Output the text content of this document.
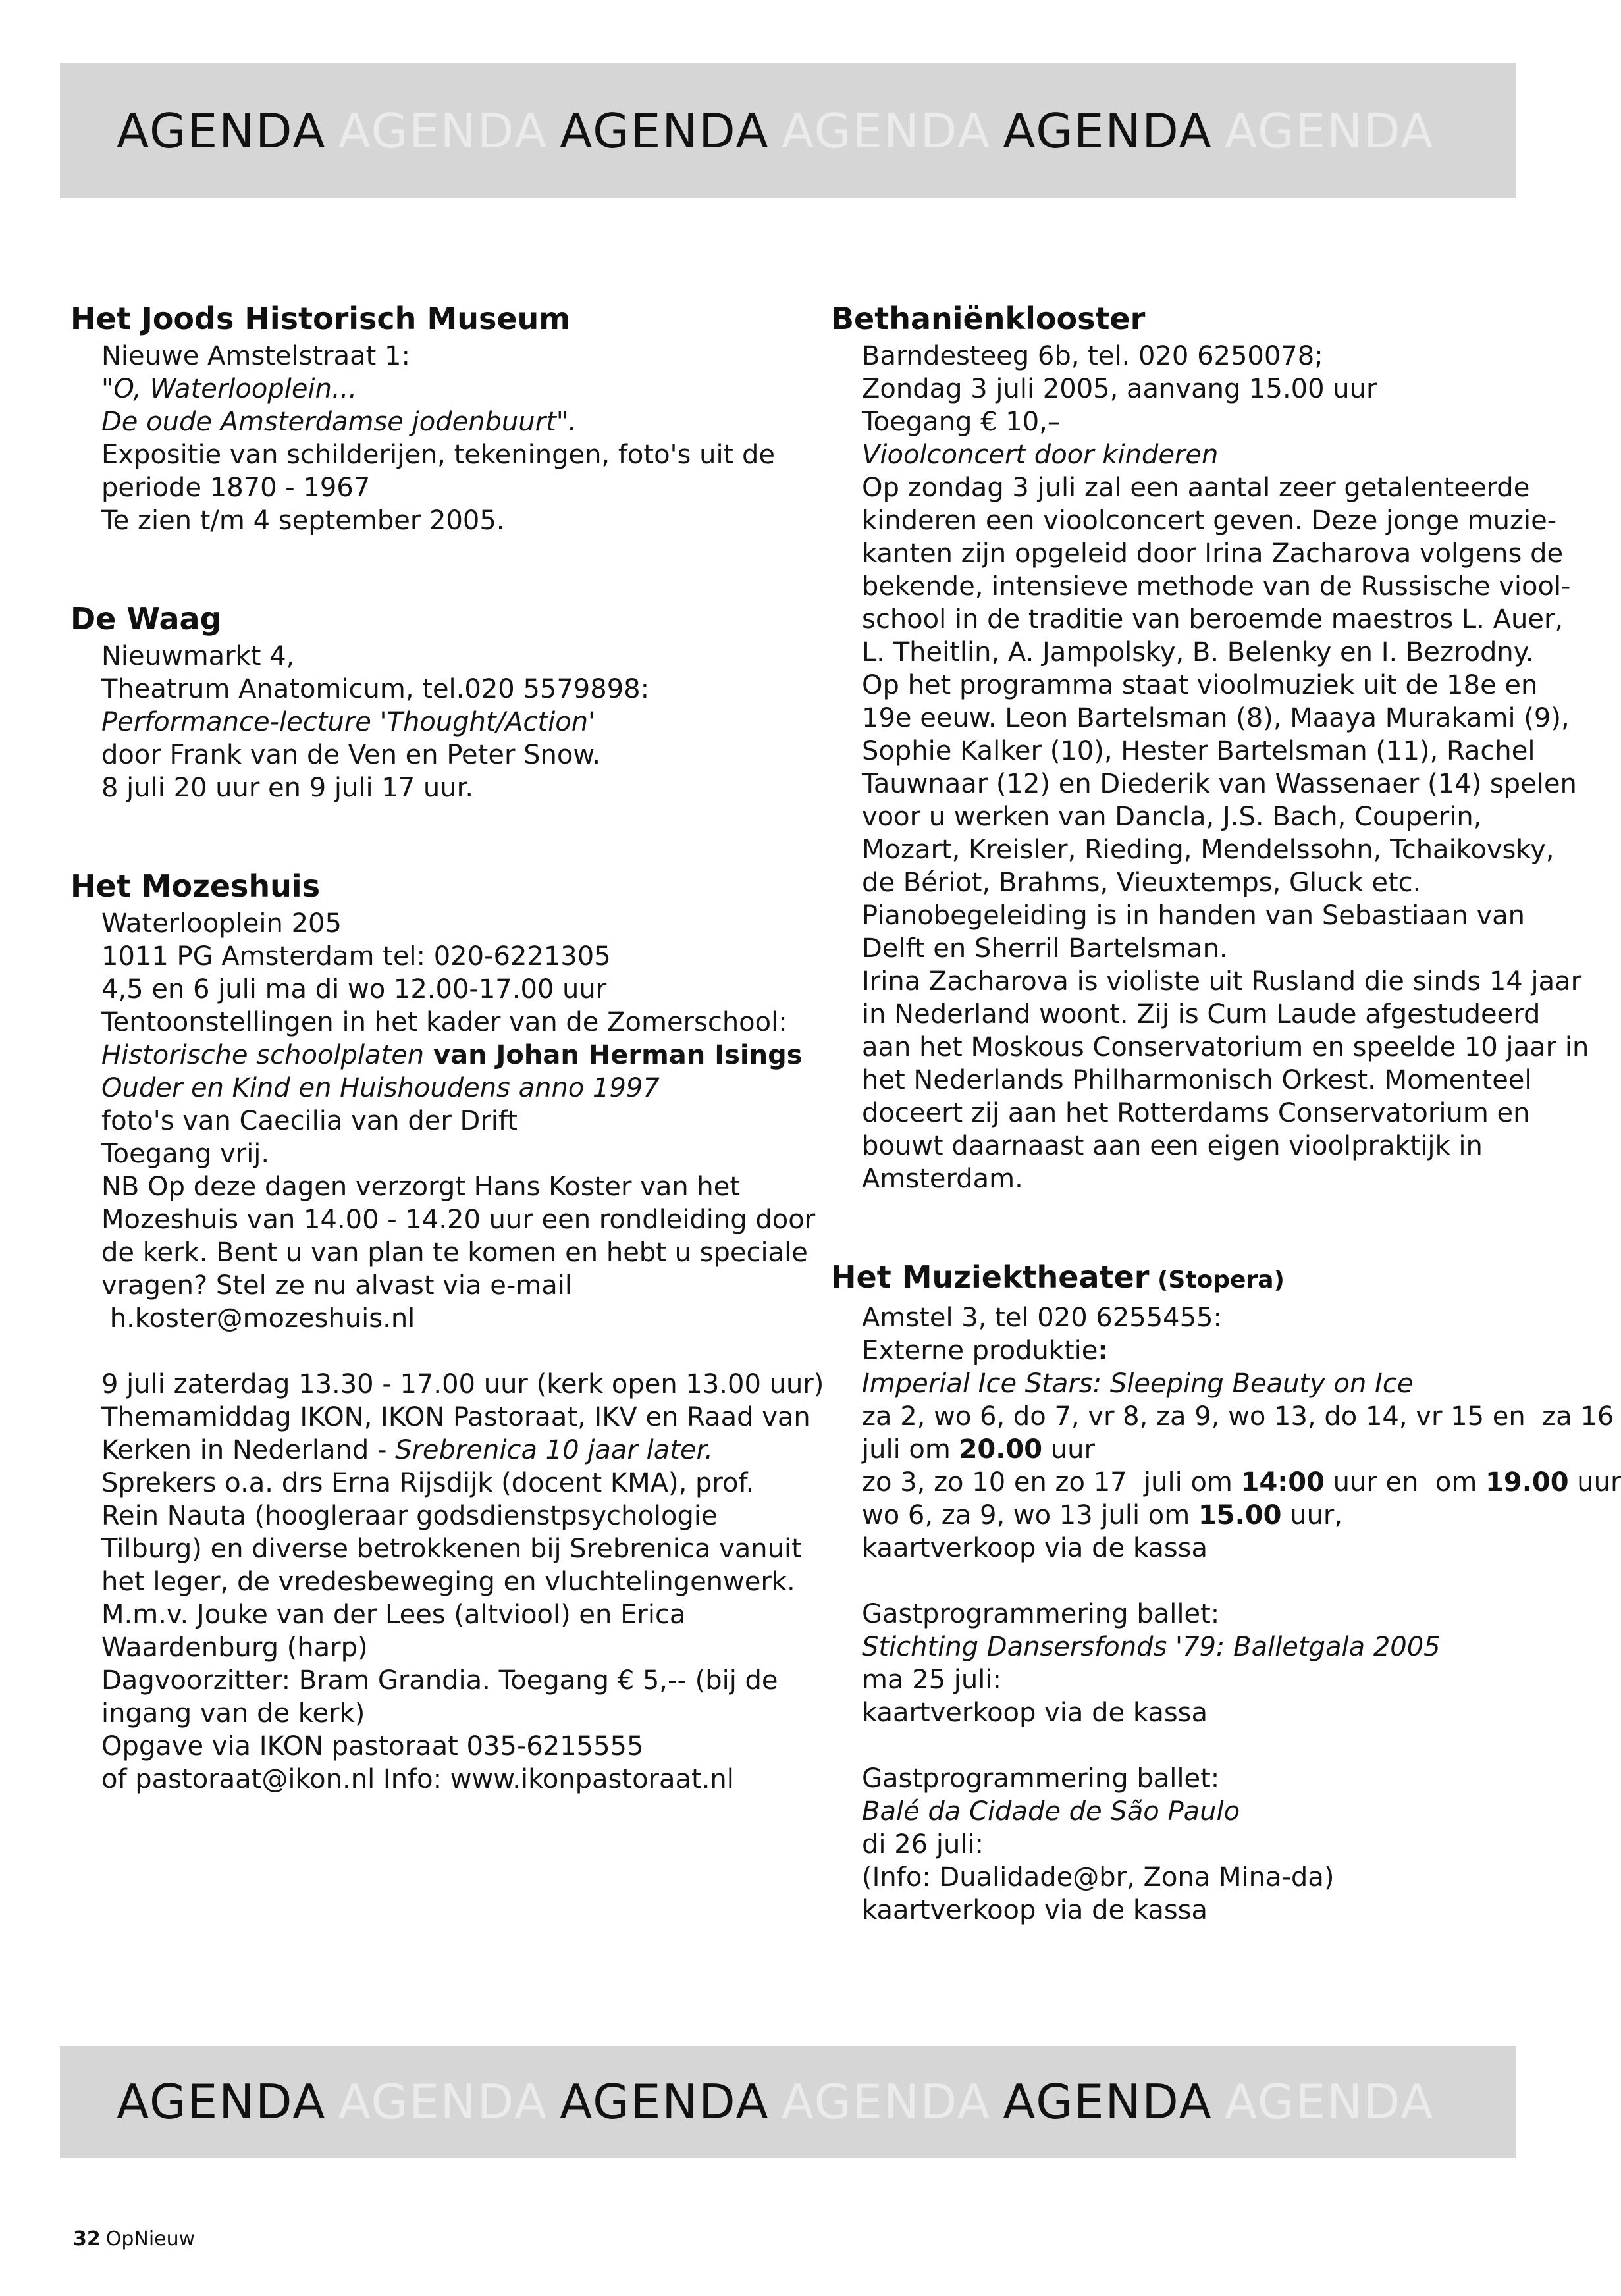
AGENDA AGENDA AGENDA AGENDA AGENDA AGENDA
Het Joods Historisch Museum
Nieuwe Amstelstraat 1:
"O, Waterlooplein...
De oude Amsterdamse jodenbuurt".
Expositie van schilderijen, tekeningen, foto's uit de
periode 1870 - 1967
Te zien t/m 4 september 2005.
De Waag
Nieuwmarkt 4,
Theatrum Anatomicum, tel.020 5579898:
Performance-lecture 'Thought/Action'
door Frank van de Ven en Peter Snow.
8 juli 20 uur en 9 juli 17 uur.
Het Mozeshuis
Waterlooplein 205
1011 PG Amsterdam tel: 020-6221305
4,5 en 6 juli ma di wo 12.00-17.00 uur
Tentoonstellingen in het kader van de Zomerschool:
Historische schoolplaten van Johan Herman Isings
Ouder en Kind en Huishoudens anno 1997
foto's van Caecilia van der Drift
Toegang vrij.
NB Op deze dagen verzorgt Hans Koster van het
Mozeshuis van 14.00 - 14.20 uur een rondleiding door
de kerk. Bent u van plan te komen en hebt u speciale
vragen? Stel ze nu alvast via e-mail
h.koster@mozeshuis.nl
9 juli zaterdag 13.30 - 17.00 uur (kerk open 13.00 uur)
Themamiddag IKON, IKON Pastoraat, IKV en Raad van
Kerken in Nederland - Srebrenica 10 jaar later.
Sprekers o.a. drs Erna Rijsdijk (docent KMA), prof.
Rein Nauta (hoogleraar godsdienstpsychologie
Tilburg) en diverse betrokkenen bij Srebrenica vanuit
het leger, de vredesbeweging en vluchtelingenwerk.
M.m.v. Jouke van der Lees (altviool) en Erica
Waardenburg (harp)
Dagvoorzitter: Bram Grandia. Toegang € 5,-- (bij de
ingang van de kerk)
Opgave via IKON pastoraat 035-6215555
of pastoraat@ikon.nl Info: www.ikonpastoraat.nl
Bethaniënklooster
Barndesteeg 6b, tel. 020 6250078;
Zondag 3 juli 2005, aanvang 15.00 uur
Toegang € 10,–
Vioolconcert door kinderen
Op zondag 3 juli zal een aantal zeer getalenteerde
kinderen een vioolconcert geven. Deze jonge muzie-
kanten zijn opgeleid door Irina Zacharova volgens de
bekende, intensieve methode van de Russische viool-
school in de traditie van beroemde maestros L. Auer,
L. Theitlin, A. Jampolsky, B. Belenky en I. Bezrodny.
Op het programma staat vioolmuziek uit de 18e en
19e eeuw. Leon Bartelsman (8), Maaya Murakami (9),
Sophie Kalker (10), Hester Bartelsman (11), Rachel
Tauwnaar (12) en Diederik van Wassenaer (14) spelen
voor u werken van Dancla, J.S. Bach, Couperin,
Mozart, Kreisler, Rieding, Mendelssohn, Tchaikovsky,
de Bériot, Brahms, Vieuxtemps, Gluck etc.
Pianobegeleiding is in handen van Sebastiaan van
Delft en Sherril Bartelsman.
Irina Zacharova is violiste uit Rusland die sinds 14 jaar
in Nederland woont. Zij is Cum Laude afgestudeerd
aan het Moskous Conservatorium en speelde 10 jaar in
het Nederlands Philharmonisch Orkest. Momenteel
doceert zij aan het Rotterdams Conservatorium en
bouwt daarnaast aan een eigen vioolpraktijk in
Amsterdam.
Het Muziektheater (Stopera)
Amstel 3, tel 020 6255455:
Externe produktie:
Imperial Ice Stars: Sleeping Beauty on Ice
za 2, wo 6, do 7, vr 8, za 9, wo 13, do 14, vr 15 en  za 16
juli om 20.00 uur
zo 3, zo 10 en zo 17  juli om 14:00 uur en  om 19.00 uur
wo 6, za 9, wo 13 juli om 15.00 uur,
kaartverkoop via de kassa
Gastprogrammering ballet:
Stichting Dansersfonds '79: Balletgala 2005
ma 25 juli:
kaartverkoop via de kassa
Gastprogrammering ballet:
Balé da Cidade de São Paulo
di 26 juli:
(Info: Dualidade@br, Zona Mina-da)
kaartverkoop via de kassa
AGENDA AGENDA AGENDA AGENDA AGENDA AGENDA
32 OpNieuw
